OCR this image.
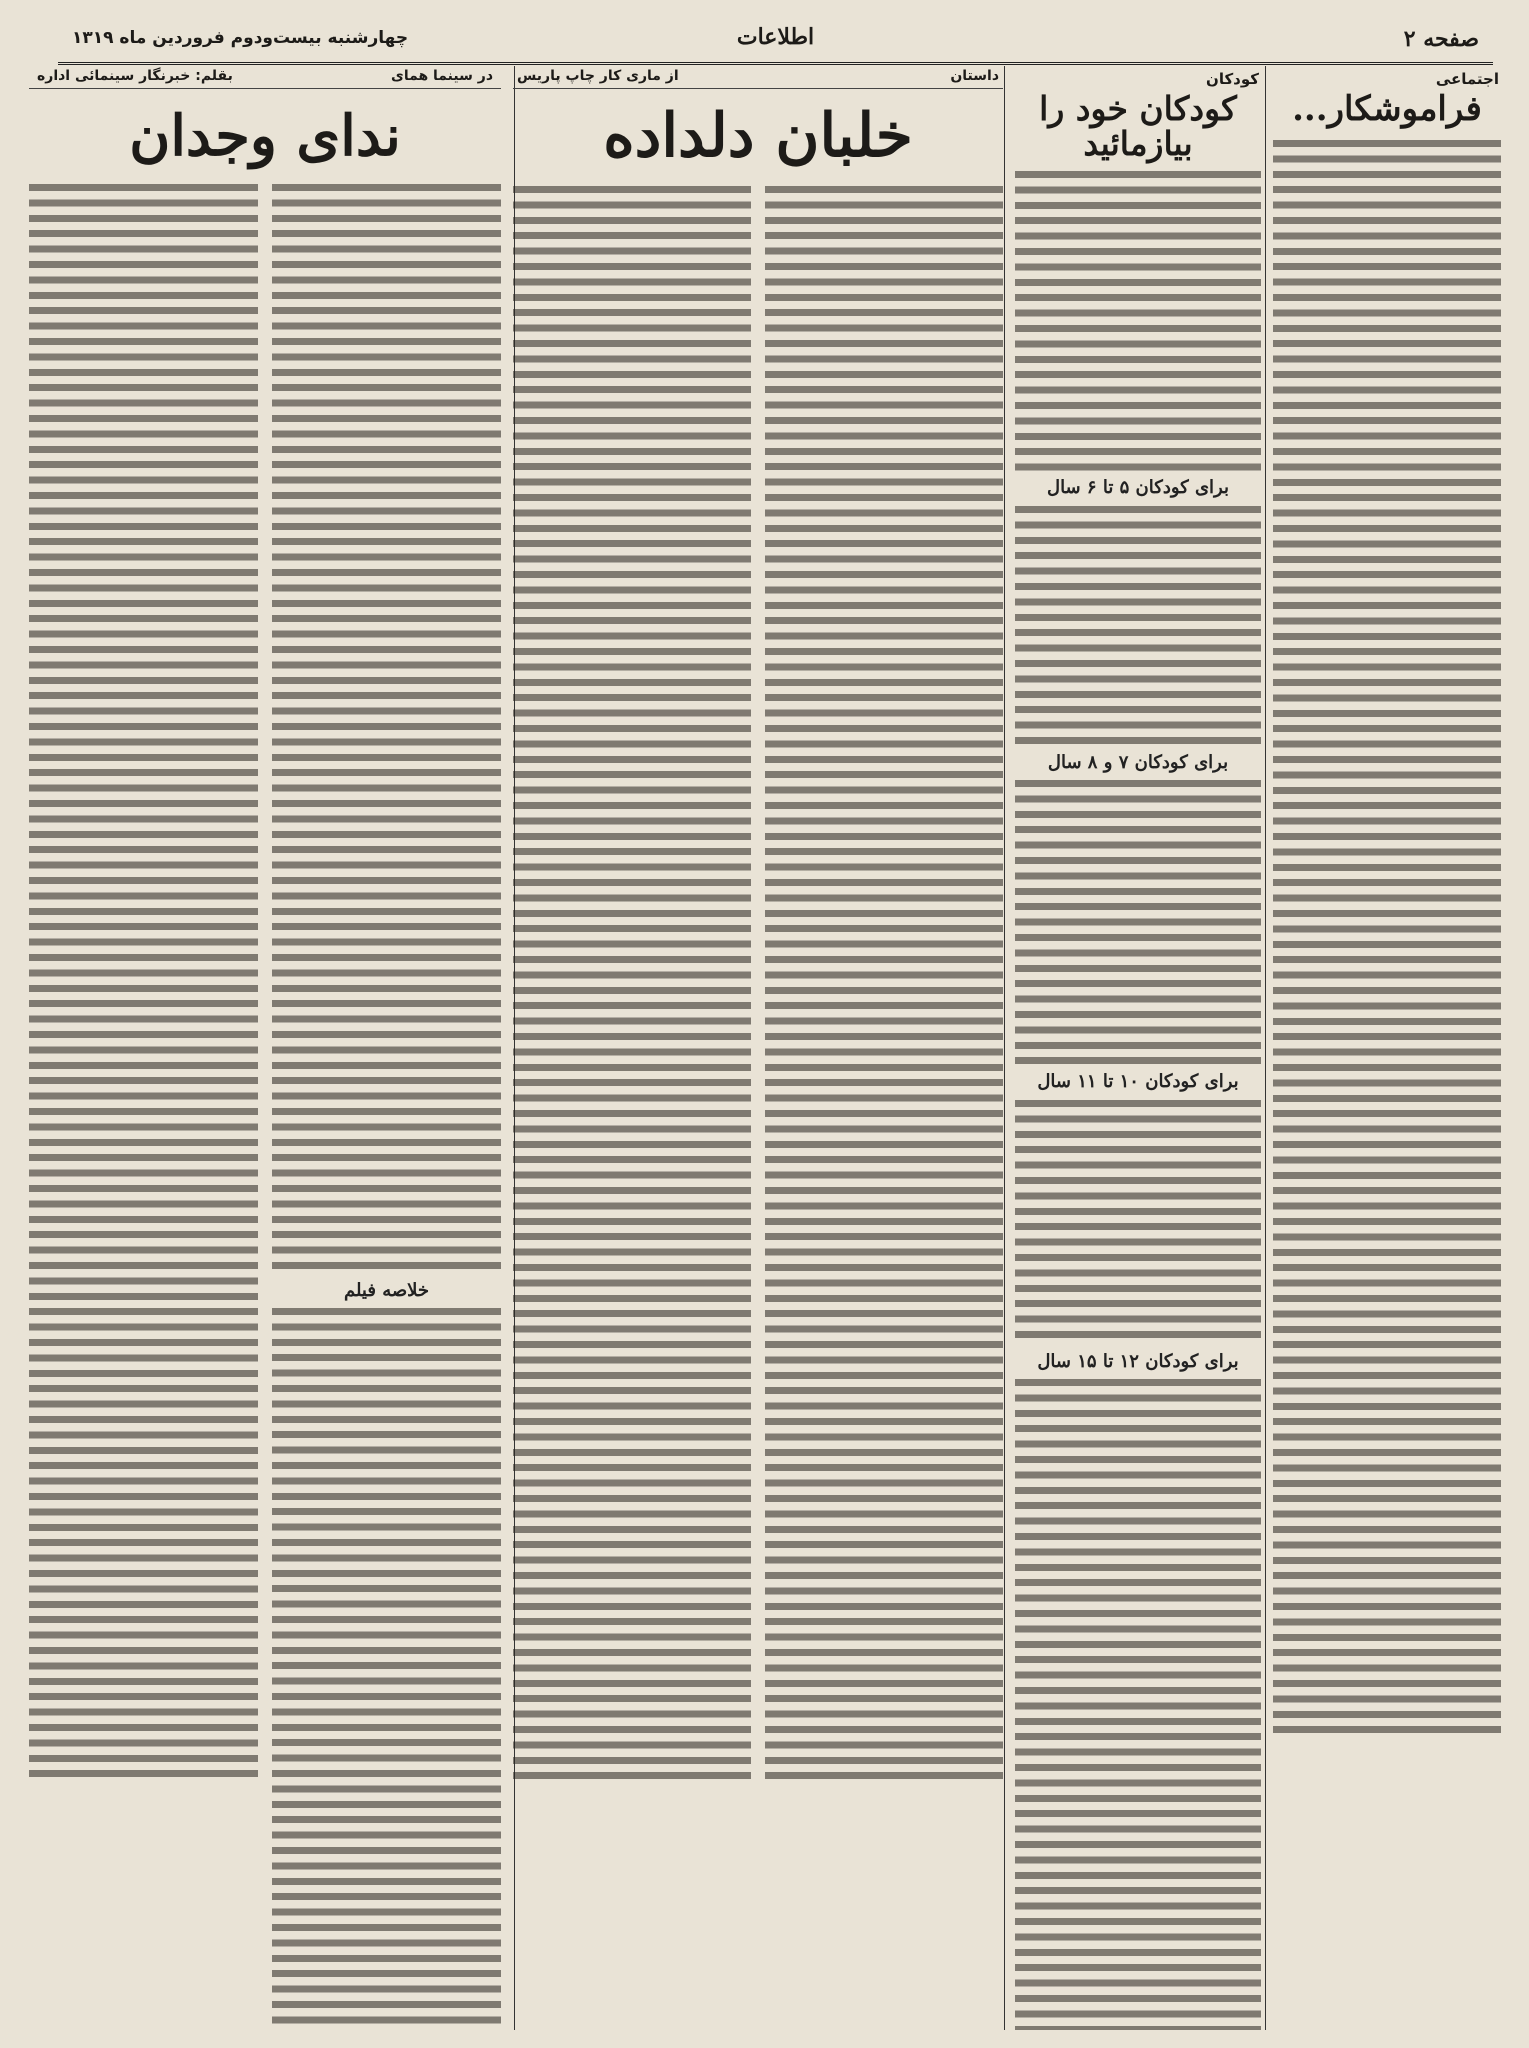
صفحه ۲
اطلاعات
چهارشنبه بیست‌ودوم فروردین ماه ۱۳۱۹
اجتماعی
فراموشکار...
کودکان
کودکان خود را بیازمائید
برای کودکان ۵ تا ۶ سال
برای کودکان ۷ و ۸ سال
برای کودکان ۱۰ تا ۱۱ سال
برای کودکان ۱۲ تا ۱۵ سال
داستان
از ماری کار چاپ پاریس
خلبان دلداده
در سینما همای
بقلم: خبرنگار سینمائی اداره
ندای وجدان
خلاصه فیلم
